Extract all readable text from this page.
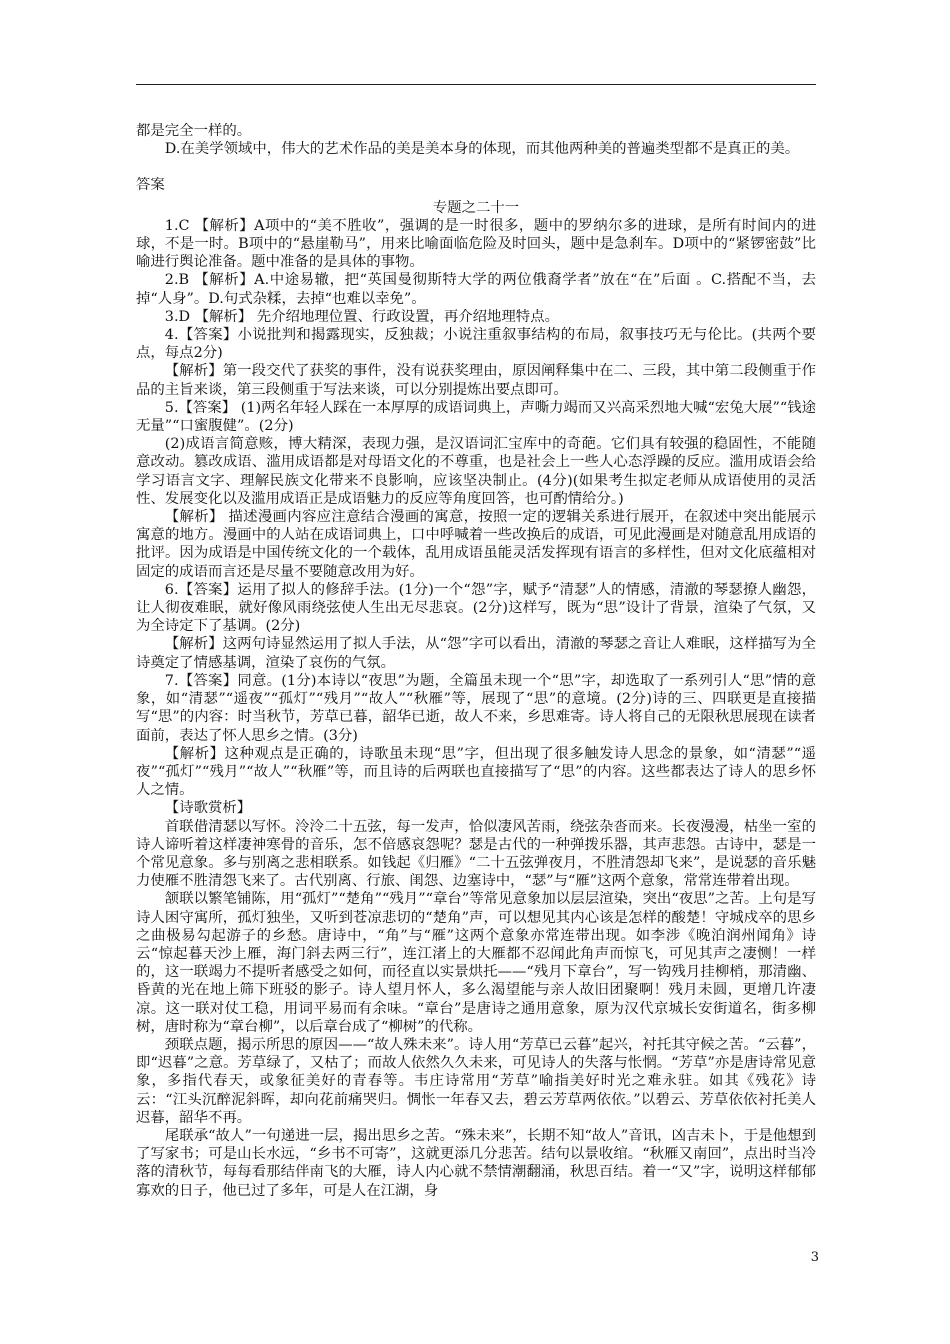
都是完全一样的。

D.在美学领域中，伟大的艺术作品的美是美本身的体现，而其他两种美的普遍类型都不是真正的美。

答案

专题之二十一

1.C 【解析】A项中的“美不胜收”，强调的是一时很多，题中的罗纳尔多的进球，是所有时间内的进球，不是一时。B项中的“悬崖勒马”，用来比喻面临危险及时回头，题中是急刹车。D项中的“紧锣密鼓”比喻进行舆论准备。题中准备的是具体的事物。

2.B 【解析】A.中途易辙，把“英国曼彻斯特大学的两位俄裔学者”放在“在”后面 。C.搭配不当，去掉“人身”。D.句式杂糅，去掉“也难以幸免”。

3.D 【解析】 先介绍地理位置、行政设置，再介绍地理特点。

4.【答案】小说批判和揭露现实，反独裁；小说注重叙事结构的布局，叙事技巧无与伦比。(共两个要点，每点2分)

【解析】第一段交代了获奖的事件，没有说获奖理由，原因阐释集中在二、三段，其中第二段侧重于作品的主旨来谈，第三段侧重于写法来谈，可以分别提炼出要点即可。

5.【答案】 (1)两名年轻人踩在一本厚厚的成语词典上，声嘶力竭而又兴高采烈地大喊“宏兔大展”“钱途无量”“口蜜腹健”。(2分)

(2)成语言简意赅，博大精深，表现力强，是汉语词汇宝库中的奇葩。它们具有较强的稳固性，不能随意改动。篡改成语、滥用成语都是对母语文化的不尊重，也是社会上一些人心态浮躁的反应。滥用成语会给学习语言文字、理解民族文化带来不良影响，应该坚决制止。(4分)(如果考生拟定老师从成语使用的灵活性、发展变化以及滥用成语正是成语魅力的反应等角度回答，也可酌情给分。)

【解析】 描述漫画内容应注意结合漫画的寓意，按照一定的逻辑关系进行展开，在叙述中突出能展示寓意的地方。漫画中的人站在成语词典上，口中呼喊着一些改换后的成语，可见此漫画是对随意乱用成语的批评。因为成语是中国传统文化的一个载体，乱用成语虽能灵活发挥现有语言的多样性，但对文化底蕴相对固定的成语而言还是尽量不要随意改用为好。

6.【答案】运用了拟人的修辞手法。(1分)一个“怨”字，赋予“清瑟”人的情感，清澈的琴瑟撩人幽怨，让人彻夜难眠，就好像风雨绕弦使人生出无尽悲哀。(2分)这样写，既为“思”设计了背景，渲染了气氛，又为全诗定下了基调。(2分)

【解析】这两句诗显然运用了拟人手法，从“怨”字可以看出，清澈的琴瑟之音让人难眠，这样描写为全诗奠定了情感基调，渲染了哀伤的气氛。

7.【答案】同意。(1分)本诗以“夜思”为题，全篇虽未现一个“思”字，却选取了一系列引人“思”情的意象，如“清瑟”“遥夜”“孤灯”“残月”“故人”“秋雁”等，展现了“思”的意境。(2分)诗的三、四联更是直接描写“思”的内容：时当秋节，芳草已暮，韶华已逝，故人不来，乡思难寄。诗人将自己的无限秋思展现在读者面前，表达了怀人思乡之情。(3分)

【解析】这种观点是正确的，诗歌虽未现“思”字，但出现了很多触发诗人思念的景象，如“清瑟”“遥夜”“孤灯”“残月”“故人”“秋雁”等，而且诗的后两联也直接描写了“思”的内容。这些都表达了诗人的思乡怀人之情。

【诗歌赏析】

首联借清瑟以写怀。泠泠二十五弦，每一发声，恰似凄风苦雨，绕弦杂沓而来。长夜漫漫，枯坐一室的诗人谛听着这样凄神寒骨的音乐，怎不倍感哀怨呢？瑟是古代的一种弹拨乐器，其声悲怨。古诗中，瑟是一个常见意象。多与别离之悲相联系。如钱起《归雁》“二十五弦弹夜月，不胜清怨却飞来”，是说瑟的音乐魅力使雁不胜清怨飞来了。古代别离、行旅、闺怨、边塞诗中，“瑟”与“雁”这两个意象，常常连带着出现。

颔联以繁笔铺陈，用“孤灯”“楚角”“残月”“章台”等常见意象加以层层渲染，突出“夜思”之苦。上句是写诗人困守寓所，孤灯独坐，又听到苍凉悲切的“楚角”声，可以想见其内心该是怎样的酸楚！守城戍卒的思乡之曲极易勾起游子的乡愁。唐诗中，“角”与“雁”这两个意象亦常连带出现。如李涉《晚泊润州闻角》诗云“惊起暮天沙上雁，海门斜去两三行”，连江渚上的大雁都不忍闻此角声而惊飞，可见其声之凄恻！一样的，这一联竭力不提听者感受之如何，而径直以实景烘托——“残月下章台”，写一钩残月挂柳梢，那清幽、昏黄的光在地上筛下班驳的影子。诗人望月怀人，多么渴望能与亲人故旧团聚啊！残月未圆，更增几许凄凉。这一联对仗工稳，用词平易而有余味。“章台”是唐诗之通用意象，原为汉代京城长安街道名，街多柳树，唐时称为“章台柳”，以后章台成了“柳树”的代称。

颈联点题，揭示所思的原因——“故人殊未来”。诗人用“芳草已云暮”起兴，衬托其守候之苦。“云暮”，即“迟暮”之意。芳草绿了，又枯了；而故人依然久久未来，可见诗人的失落与怅惘。“芳草”亦是唐诗常见意象，多指代春天，或象征美好的青春等。韦庄诗常用“芳草”喻指美好时光之难永驻。如其《残花》诗云：“江头沉醉泥斜晖，却向花前痛哭归。惆怅一年春又去，碧云芳草两依依。”以碧云、芳草依依衬托美人迟暮，韶华不再。

尾联承“故人”一句递进一层，揭出思乡之苦。“殊未来”，长期不知“故人”音讯，凶吉未卜，于是他想到了写家书；可是山长水远，“乡书不可寄”，这就更添几分悲苦。结句以景收绾。“秋雁又南回”，点出时当冷落的清秋节，每每看那结伴南飞的大雁，诗人内心就不禁情潮翻涌，秋思百结。着一“又”字，说明这样郁郁寡欢的日子，他已过了多年，可是人在江湖，身

3
